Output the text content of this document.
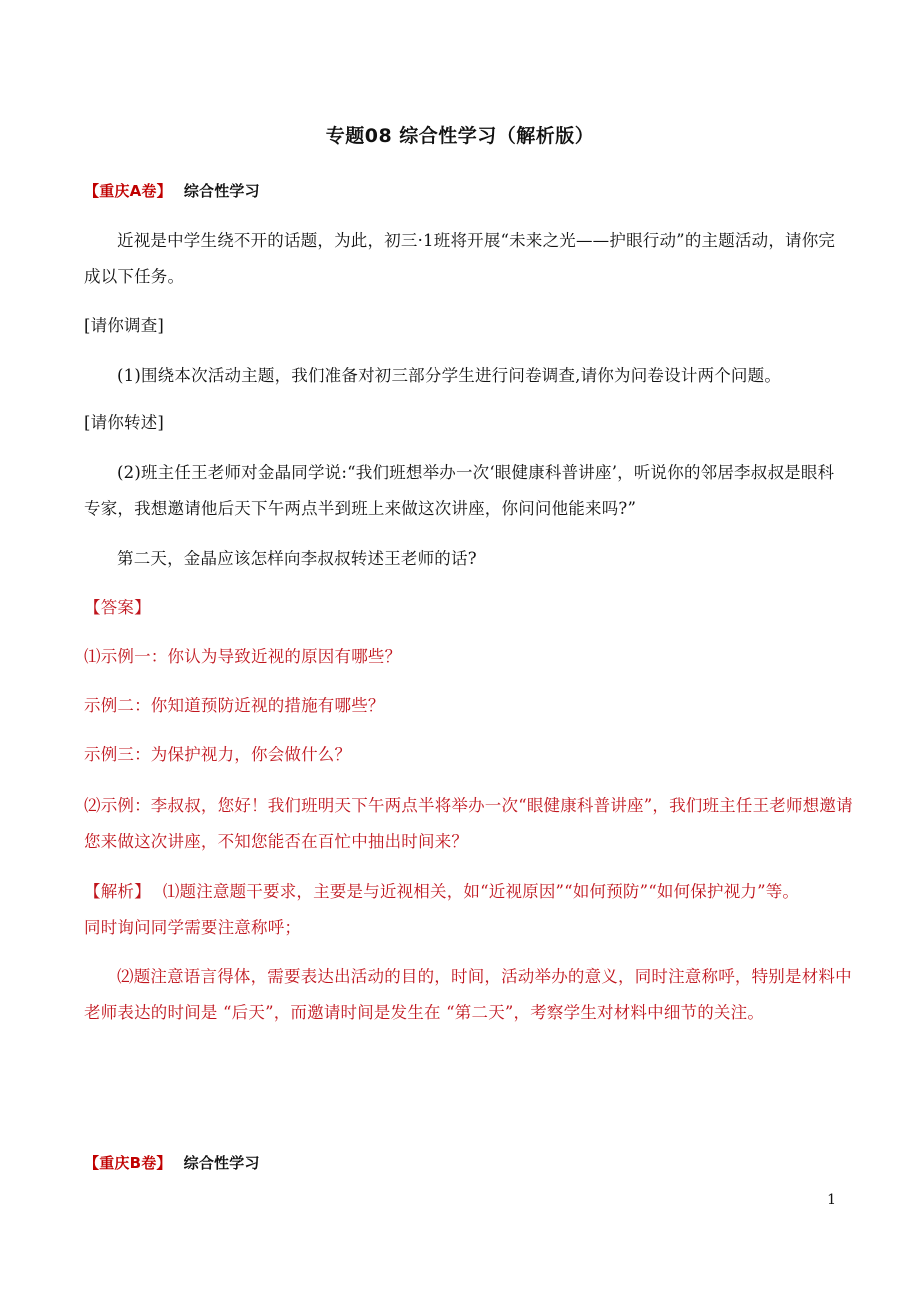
专题08 综合性学习（解析版）
【重庆A卷】 综合性学习
近视是中学生绕不开的话题，为此，初三·1班将开展“未来之光——护眼行动”的主题活动，请你完
成以下任务。
[请你调查]
(1)围绕本次活动主题，我们准备对初三部分学生进行问卷调查,请你为问卷设计两个问题。
[请你转述]
(2)班主任王老师对金晶同学说:“我们班想举办一次‘眼健康科普讲座’，听说你的邻居李叔叔是眼科
专家，我想邀请他后天下午两点半到班上来做这次讲座，你问问他能来吗?”
第二天，金晶应该怎样向李叔叔转述王老师的话?
【答案】
⑴示例一：你认为导致近视的原因有哪些？
示例二：你知道预防近视的措施有哪些？
示例三：为保护视力，你会做什么？
⑵示例：李叔叔，您好！我们班明天下午两点半将举办一次“眼健康科普讲座”，我们班主任王老师想邀请
您来做这次讲座，不知您能否在百忙中抽出时间来？
【解析】 ⑴题注意题干要求，主要是与近视相关，如“近视原因”“如何预防”“如何保护视力”等。
同时询问同学需要注意称呼；
⑵题注意语言得体，需要表达出活动的目的，时间，活动举办的意义，同时注意称呼，特别是材料中
老师表达的时间是 “后天”，而邀请时间是发生在 “第二天”，考察学生对材料中细节的关注。
【重庆B卷】 综合性学习
1
